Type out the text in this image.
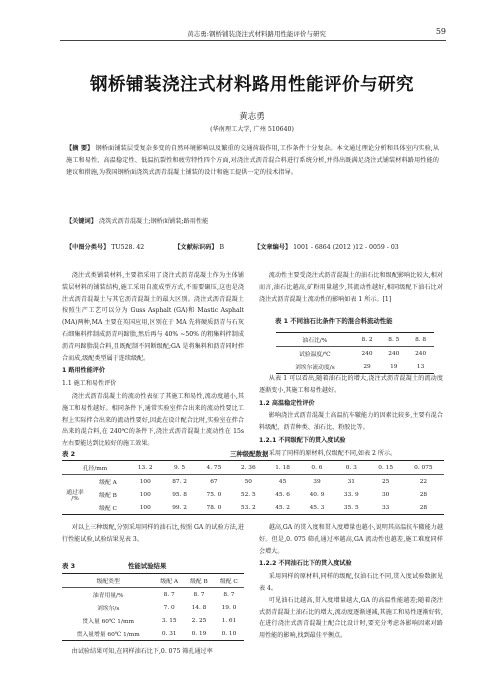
黄志勇:钢桥铺装浇注式材料路用性能评价与研究	59
钢桥铺装浇注式材料路用性能评价与研究
黄志勇
(华南理工大学, 广州 510640)
【摘 要】 钢桥面铺装层受复杂多变的自然环境影响以及繁重的交通荷载作用,工作条件十分复杂。本文通过理论分析和具体室内实验,从施工和易性、高温稳定性、低温抗裂性和疲劳特性四个方面,对浇注式沥青混合料进行系统分析,并得出既满足浇注式铺装材料路用性能的建议和措施,为我国钢桥面浇筑式沥青混凝土铺装的设计和施工提供一定的技术指导。
【关键词】 浇筑式沥青混凝土;钢桥面铺装;路用性能
【中图分类号】 TU528. 42	【文献标识码】 B	【文章编号】 1001 - 6864 (2012 )12 - 0059 - 03

浇注式类铺装材料,主要指采用了浇注式沥青混凝土作为主体铺装层材料的铺装结构,施工采用自流成型方式,不需要碾压,这也是浇注式沥青混凝土与其它沥青混凝土的最大区别。浇注式沥青混凝土按照生产工艺可以分为 Guss Asphalt (GA)和 Mastic Asphalt (MA)两种,MA 主要在英国应用,区别在于 MA 先将硬质沥青与石灰石细集料拌制成沥青玛蹄脂,然后再与 40% ~50% 的粗集料拌制成沥青玛蹄脂混合料,且既配制不同断级配;GA 是将集料和沥青同时拌合而成,级配类型属于连续级配。

1 路用性能评价

1.1 施工和易性评价

浇注式沥青混凝土的流动性表征了其施工和易性,流动度越小,其施工和易性越好。相同条件下,通常实验室拌合出来的流动性要比工程上实际拌合出来的流动性要好,因此在设计配合比时,实验室在拌合出来的混合料,在 240℃的条件下,浇注式沥青混凝土流动性在 15s 左右要能达到比较好的施工效果。

流动性主要受浇注式沥青混凝土的油石比和级配影响比较大,相对而言,油石比越高,矿粉用量越少,其流动性越好,相同级配下油石比对浇注式沥青混凝土流动性的影响如表 1 所示。[1]

表 1 不同油石比条件下的混合料流动性能
油石比/%	8. 2	8. 5	8. 8
试验温度/℃	240	240	240
刘埃尔流动度/s	29	19	13

从表 1 可以看出,随着油石比的增大,浇注式沥青混凝土的流动度逐渐变小,其施工和易性越好。

1.2 高温稳定性评价

影响浇注式沥青混凝土高温抗车辙能力的因素比较多,主要有混合料级配、沥青种类、油石比、粉胶比等。

1.2.1 不同级配下的贯入度试验

采用了同样的原材料,仅级配不同,如表 2 所示。

表 2	三种级配数据
孔径/mm		13. 2	9. 5	4. 75	2. 36	1. 18	0. 6	0. 3	0. 15	0. 075
通过率 /%	级配 A	100	87. 2	67	50	45	39	31	25	22
	级配 B	100	95. 8	75. 0	52. 5	45. 6	40. 9	33. 9	30	28
	级配 C	100	99. 2	78. 0	53. 2	45. 2	45. 3	35. 5	33	28

对以上三种级配,分别采用同样的油石比,按照 GA 的试验方法,进行性能试验,试验结果见表 3。

表 3	性能试验结果
级配类型	级配 A	级配 B	级配 C
油青用量/%	8. 7	8. 7	8. 7
刘埃尔/s	7. 0	14. 8	19. 0
贯入量 60℃ 1/mm	3. 15	2. 25	1. 61
贯入量增量 60℃ 1/mm	0. 31	0. 19	0. 10

由试验结果可知,在同样油石比下,0. 075 筛孔通过率

越高,GA 的贯入度和贯入度增量也越小,说明其高温抗车辙能力越好。但是,0. 075 筛孔通过率越高,GA 流动性也越差,施工难度同样会增大。

1.2.2 不同油石比下的贯入度试验

采用同样的原材料,同样的级配,仅油石比不同,贯入度试验数据见表 4。

可见油石比越高,贯入度增量越大,GA 的高温性能越差;随着浇注式沥青混凝土油石比的增大,流动度逐渐递减,其施工和易性逐渐好转,在进行浇注式沥青混凝土配合比设计时,要充分考虑各影响因素对路用性能的影响,找到最佳平衡点。
